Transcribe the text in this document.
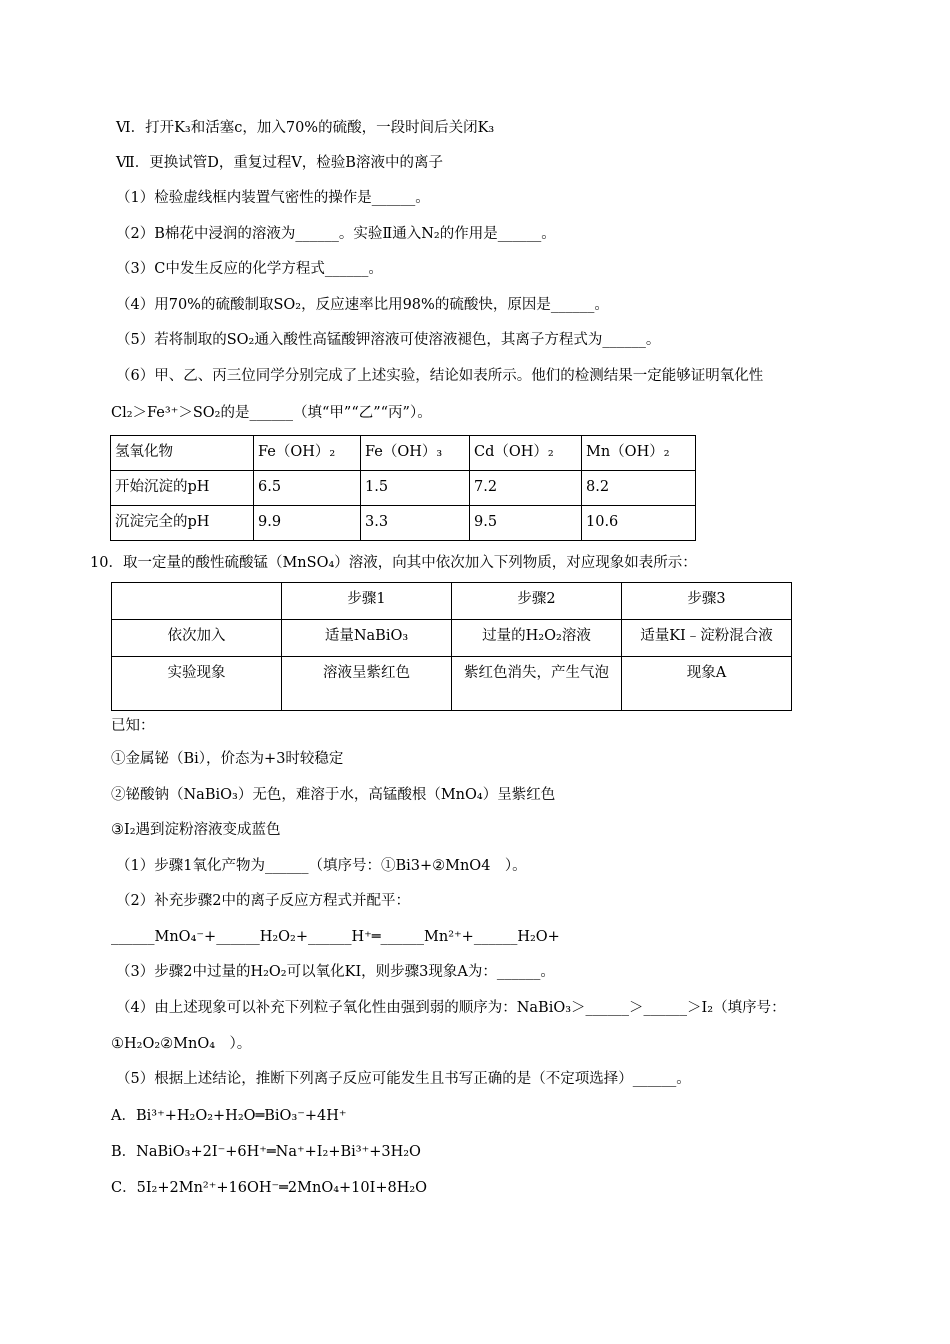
Ⅵ．打开K₃和活塞c，加入70%的硫酸，一段时间后关闭K₃
Ⅶ．更换试管D，重复过程Ⅴ，检验B溶液中的离子
（1）检验虚线框内装置气密性的操作是______。
（2）B棉花中浸润的溶液为______。实验Ⅱ通入N₂的作用是______。
（3）C中发生反应的化学方程式______。
（4）用70%的硫酸制取SO₂，反应速率比用98%的硫酸快，原因是______。
（5）若将制取的SO₂通入酸性高锰酸钾溶液可使溶液褪色，其离子方程式为______。
（6）甲、乙、丙三位同学分别完成了上述实验，结论如表所示。他们的检测结果一定能够证明氧化性
Cl₂＞Fe³⁺＞SO₂的是______（填“甲”“乙”“丙”）。
氢氧化物	Fe（OH）₂	Fe（OH）₃	Cd（OH）₂	Mn（OH）₂
开始沉淀的pH	6.5	1.5	7.2	8.2
沉淀完全的pH	9.9	3.3	9.5	10.6
10．取一定量的酸性硫酸锰（MnSO₄）溶液，向其中依次加入下列物质，对应现象如表所示：
	步骤1	步骤2	步骤3
依次加入	适量NaBiO₃	过量的H₂O₂溶液	适量KI﹣淀粉混合液
实验现象	溶液呈紫红色	紫红色消失，产生气泡	现象A
已知：
①金属铋（Bi），价态为+3时较稳定
②铋酸钠（NaBiO₃）无色，难溶于水，高锰酸根（MnO₄）呈紫红色
③I₂遇到淀粉溶液变成蓝色
（1）步骤1氧化产物为______（填序号：①Bi3+②MnO4　）。
（2）补充步骤2中的离子反应方程式并配平：
______MnO₄⁻+______H₂O₂+______H⁺═______Mn²⁺+______H₂O+
（3）步骤2中过量的H₂O₂可以氧化KI，则步骤3现象A为：______。
（4）由上述现象可以补充下列粒子氧化性由强到弱的顺序为：NaBiO₃＞______＞______＞I₂（填序号：
①H₂O₂②MnO₄　）。
（5）根据上述结论，推断下列离子反应可能发生且书写正确的是（不定项选择）______。
A．Bi³⁺+H₂O₂+H₂O═BiO₃⁻+4H⁺
B．NaBiO₃+2I⁻+6H⁺═Na⁺+I₂+Bi³⁺+3H₂O
C．5I₂+2Mn²⁺+16OH⁻═2MnO₄+10I+8H₂O
